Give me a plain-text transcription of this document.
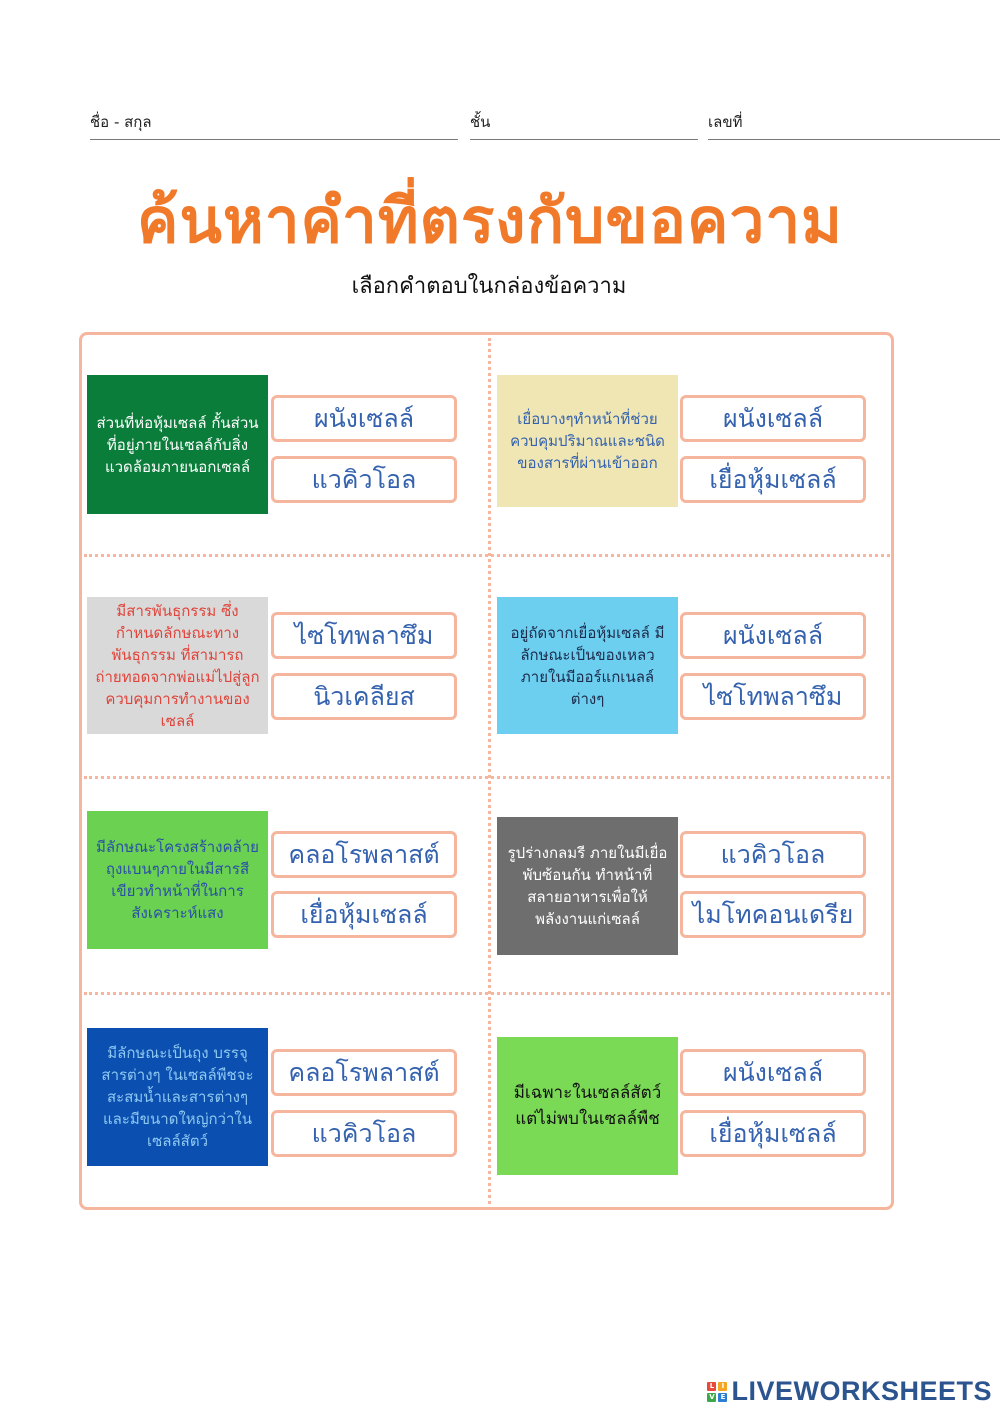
ชื่อ - สกุล	ชั้น	เลขที่
ค้นหาคำที่ตรงกับขอความ
เลือกคำตอบในกล่องข้อความ
ส่วนที่ห่อหุ้มเซลล์ กั้นส่วนที่อยู่ภายในเซลล์กับสิ่งแวดล้อมภายนอกเซลล์
ผนังเซลล์
แวคิวโอล
เยื่อบางๆทำหน้าที่ช่วยควบคุมปริมาณและชนิดของสารที่ผ่านเข้าออก
ผนังเซลล์
เยื่อหุ้มเซลล์
มีสารพันธุกรรม ซึ่งกำหนดลักษณะทางพันธุกรรม ที่สามารถถ่ายทอดจากพ่อแม่ไปสู่ลูก ควบคุมการทำงานของเซลล์
ไซโทพลาซึม
นิวเคลียส
อยู่ถัดจากเยื่อหุ้มเซลล์ มีลักษณะเป็นของเหลวภายในมีออร์แกเนลล์ต่างๆ
ผนังเซลล์
ไซโทพลาซึม
มีลักษณะโครงสร้างคล้ายถุงแบนๆภายในมีสารสีเขียวทำหน้าที่ในการสังเคราะห์แสง
คลอโรพลาสต์
เยื่อหุ้มเซลล์
รูปร่างกลมรี ภายในมีเยื่อพับซ้อนกัน ทำหน้าที่สลายอาหารเพื่อให้พลังงานแก่เซลล์
แวคิวโอล
ไมโทคอนเดรีย
มีลักษณะเป็นถุง บรรจุสารต่างๆ ในเซลล์พืชจะสะสมน้ำและสารต่างๆและมีขนาดใหญ่กว่าในเซลล์สัตว์
คลอโรพลาสต์
แวคิวโอล
มีเฉพาะในเซลล์สัตว์แต่ไม่พบในเซลล์พืช
ผนังเซลล์
เยื่อหุ้มเซลล์
L	I
V E LIVEWORKSHEETS
